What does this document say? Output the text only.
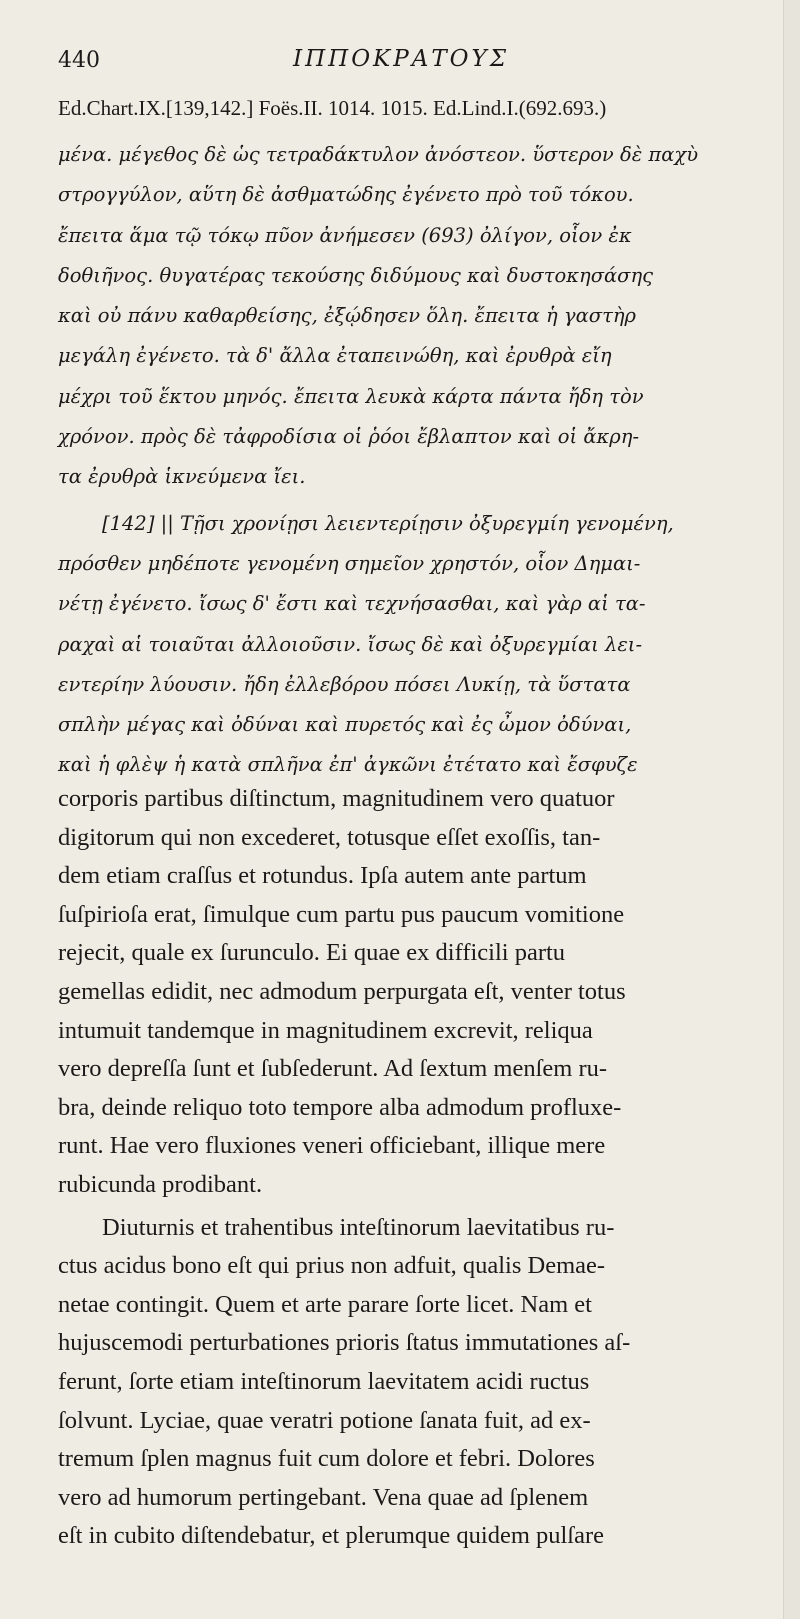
440	ΙΠΠΟΚΡΑΤΟΥΣ
Ed.Chart.IX.[139,142.] Foës.II. 1014. 1015. Ed.Lind.I.(692.693.)
μένα. μέγεθος δὲ ὡς τετραδάκτυλον ἀνόστεον. ὕστερον δὲ παχὺ
στρογγύλον, αὕτη δὲ ἀσθματώδης ἐγένετο πρὸ τοῦ τόκου.
ἔπειτα ἅμα τῷ τόκῳ πῦον ἀνήμεσεν (693) ὀλίγον, οἷον ἐκ
δοθιῆνος. θυγατέρας τεκούσης διδύμους καὶ δυστοκησάσης
καὶ οὐ πάνυ καθαρθείσης, ἐξῴδησεν ὅλη. ἔπειτα ἡ γαστὴρ
μεγάλη ἐγένετο. τὰ δ' ἄλλα ἐταπεινώθη, καὶ ἐρυθρὰ εἴη
μέχρι τοῦ ἕκτου μηνός. ἔπειτα λευκὰ κάρτα πάντα ἤδη τὸν
χρόνον. πρὸς δὲ τἀφροδίσια οἱ ῥόοι ἔβλαπτον καὶ οἱ ἄκρη-
τα ἐρυθρὰ ἱκνεύμενα ἴει.
[142] || Τῇσι χρονίῃσι λειεντερίῃσιν ὀξυρεγμίη γενομένη,
πρόσθεν μηδέποτε γενομένη σημεῖον χρηστόν, οἷον Δημαι-
νέτῃ ἐγένετο. ἴσως δ' ἔστι καὶ τεχνήσασθαι, καὶ γὰρ αἱ τα-
ραχαὶ αἱ τοιαῦται ἀλλοιοῦσιν. ἴσως δὲ καὶ ὀξυρεγμίαι λει-
εντερίην λύουσιν. ἤδη ἐλλεβόρου πόσει Λυκίῃ, τὰ ὕστατα
σπλὴν μέγας καὶ ὀδύναι καὶ πυρετός καὶ ἐς ὦμον ὀδύναι,
καὶ ἡ φλὲψ ἡ κατὰ σπλῆνα ἐπ' ἀγκῶνι ἐτέτατο καὶ ἔσφυζε
corporis partibus diſtinctum, magnitudinem vero quatuor
digitorum qui non excederet, totusque eſſet exoſſis, tan-
dem etiam craſſus et rotundus. Ipſa autem ante partum
ſuſpirioſa erat, ſimulque cum partu pus paucum vomitione
rejecit, quale ex ſurunculo. Ei quae ex difficili partu
gemellas edidit, nec admodum perpurgata eſt, venter totus
intumuit tandemque in magnitudinem excrevit, reliqua
vero depreſſa ſunt et ſubſederunt. Ad ſextum menſem ru-
bra, deinde reliquo toto tempore alba admodum profluxe-
runt. Hae vero fluxiones veneri officiebant, illique mere
rubicunda prodibant.
Diuturnis et trahentibus inteſtinorum laevitatibus ru-
ctus acidus bono eſt qui prius non adfuit, qualis Demae-
netae contingit. Quem et arte parare ſorte licet. Nam et
hujuscemodi perturbationes prioris ſtatus immutationes aſ-
ferunt, ſorte etiam inteſtinorum laevitatem acidi ructus
ſolvunt. Lyciae, quae veratri potione ſanata fuit, ad ex-
tremum ſplen magnus fuit cum dolore et febri. Dolores
vero ad humorum pertingebant. Vena quae ad ſplenem
eſt in cubito diſtendebatur, et plerumque quidem pulſare
